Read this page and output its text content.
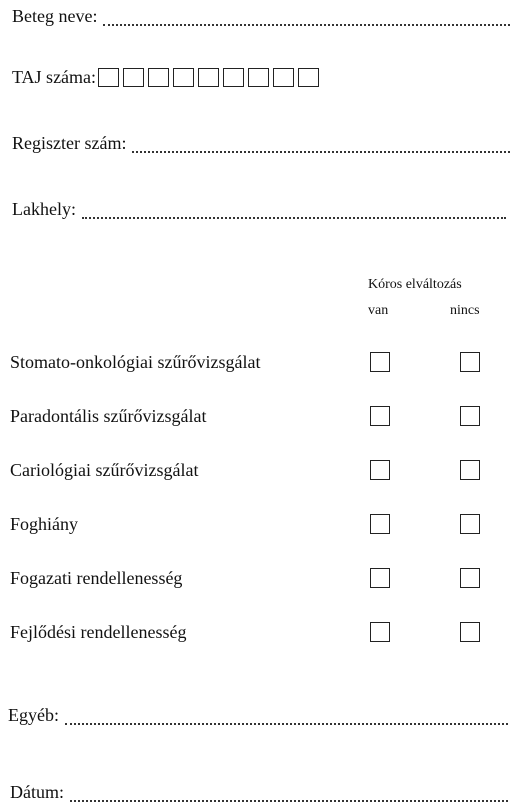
Beteg neve:
TAJ száma:
Regiszter szám:
Lakhely:
Kóros elváltozás
van	nincs
Stomato-onkológiai szűrővizsgálat
Paradontális szűrővizsgálat
Cariológiai szűrővizsgálat
Foghiány
Fogazati rendellenesség
Fejlődési rendellenesség
Egyéb:
Dátum:
